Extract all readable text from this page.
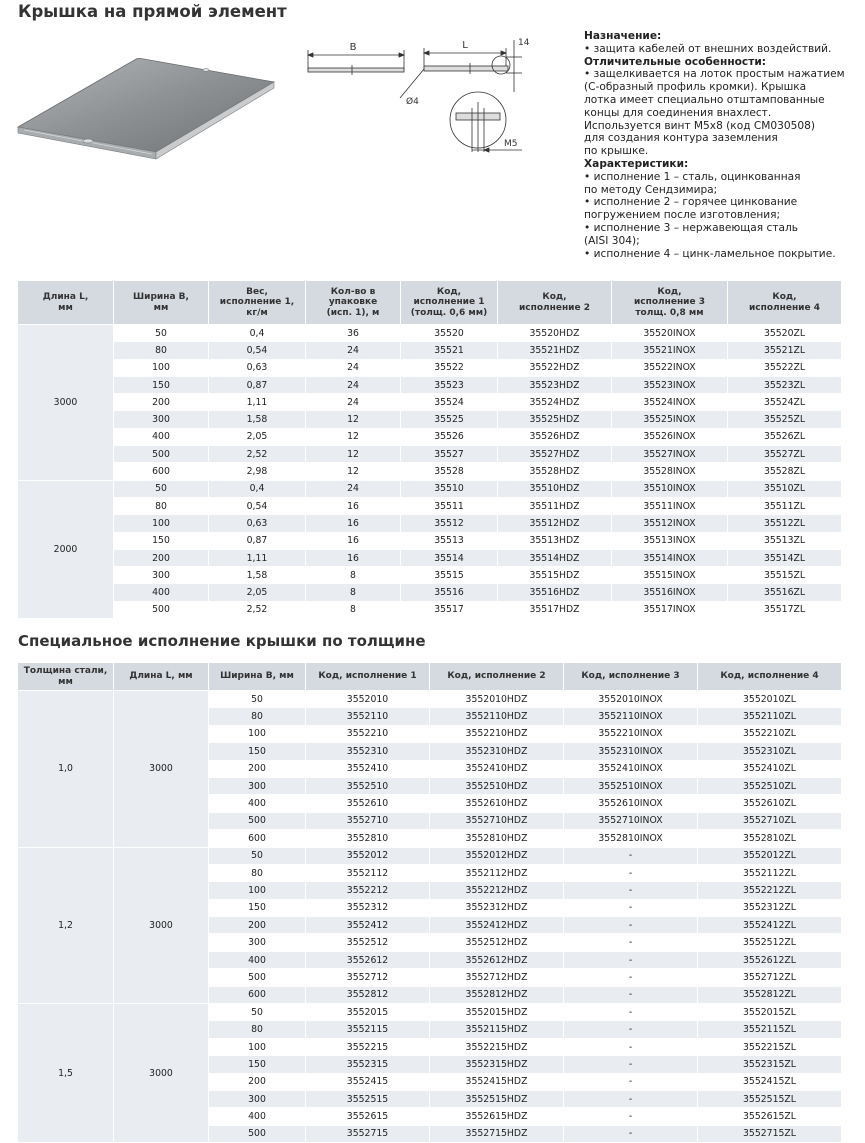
Крышка на прямой элемент
B	L	14
Ø4
M5
Назначение:
• защита кабелей от внешних воздействий.
Отличительные особенности:
• защелкивается на лоток простым нажатием
(С-образный профиль кромки). Крышка
лотка имеет специально отштампованные
концы для соединения внахлест.
Используется винт M5x8 (код СМ030508)
для создания контура заземления
по крышке.
Характеристики:
• исполнение 1 – сталь, оцинкованная
по методу Сендзимира;
• исполнение 2 – горячее цинкование
погружением после изготовления;
• исполнение 3 – нержавеющая сталь
(AISI 304);
• исполнение 4 – цинк-ламельное покрытие.
Длина L,
мм	Ширина B,
мм	Вес,
исполнение 1,
кг/м	Кол-во в
упаковке
(исп. 1), м	Код,
исполнение 1
(толщ. 0,6 мм)	Код,
исполнение 2	Код,
исполнение 3
толщ. 0,8 мм	Код,
исполнение 4
3000	50	0,4	36	35520	35520HDZ	35520INOX	35520ZL
	80	0,54	24	35521	35521HDZ	35521INOX	35521ZL
	100	0,63	24	35522	35522HDZ	35522INOX	35522ZL
	150	0,87	24	35523	35523HDZ	35523INOX	35523ZL
	200	1,11	24	35524	35524HDZ	35524INOX	35524ZL
	300	1,58	12	35525	35525HDZ	35525INOX	35525ZL
	400	2,05	12	35526	35526HDZ	35526INOX	35526ZL
	500	2,52	12	35527	35527HDZ	35527INOX	35527ZL
	600	2,98	12	35528	35528HDZ	35528INOX	35528ZL
2000	50	0,4	24	35510	35510HDZ	35510INOX	35510ZL
	80	0,54	16	35511	35511HDZ	35511INOX	35511ZL
	100	0,63	16	35512	35512HDZ	35512INOX	35512ZL
	150	0,87	16	35513	35513HDZ	35513INOX	35513ZL
	200	1,11	16	35514	35514HDZ	35514INOX	35514ZL
	300	1,58	8	35515	35515HDZ	35515INOX	35515ZL
	400	2,05	8	35516	35516HDZ	35516INOX	35516ZL
	500	2,52	8	35517	35517HDZ	35517INOX	35517ZL
Специальное исполнение крышки по толщине
Толщина стали,
мм	Длина L, мм	Ширина B, мм	Код, исполнение 1	Код, исполнение 2	Код, исполнение 3	Код, исполнение 4
1,0	3000	50	3552010	3552010HDZ	3552010INOX	3552010ZL
		80	3552110	3552110HDZ	3552110INOX	3552110ZL
		100	3552210	3552210HDZ	3552210INOX	3552210ZL
		150	3552310	3552310HDZ	3552310INOX	3552310ZL
		200	3552410	3552410HDZ	3552410INOX	3552410ZL
		300	3552510	3552510HDZ	3552510INOX	3552510ZL
		400	3552610	3552610HDZ	3552610INOX	3552610ZL
		500	3552710	3552710HDZ	3552710INOX	3552710ZL
		600	3552810	3552810HDZ	3552810INOX	3552810ZL
1,2	3000	50	3552012	3552012HDZ	-	3552012ZL
		80	3552112	3552112HDZ	-	3552112ZL
		100	3552212	3552212HDZ	-	3552212ZL
		150	3552312	3552312HDZ	-	3552312ZL
		200	3552412	3552412HDZ	-	3552412ZL
		300	3552512	3552512HDZ	-	3552512ZL
		400	3552612	3552612HDZ	-	3552612ZL
		500	3552712	3552712HDZ	-	3552712ZL
		600	3552812	3552812HDZ	-	3552812ZL
1,5	3000	50	3552015	3552015HDZ	-	3552015ZL
		80	3552115	3552115HDZ	-	3552115ZL
		100	3552215	3552215HDZ	-	3552215ZL
		150	3552315	3552315HDZ	-	3552315ZL
		200	3552415	3552415HDZ	-	3552415ZL
		300	3552515	3552515HDZ	-	3552515ZL
		400	3552615	3552615HDZ	-	3552615ZL
		500	3552715	3552715HDZ	-	3552715ZL
